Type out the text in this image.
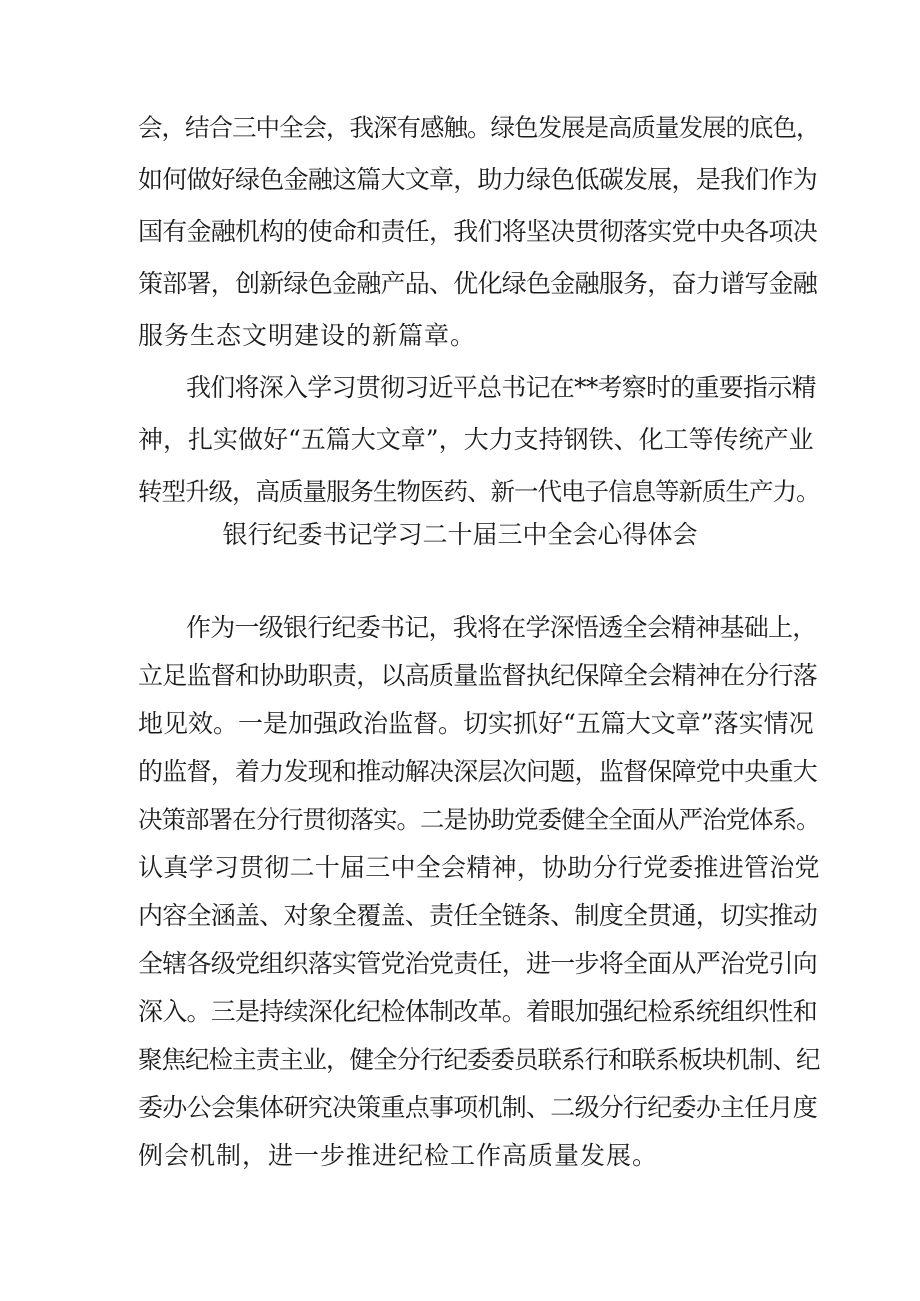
会，结合三中全会，我深有感触。绿色发展是高质量发展的底色，
如何做好绿色金融这篇大文章，助力绿色低碳发展，是我们作为
国有金融机构的使命和责任，我们将坚决贯彻落实党中央各项决
策部署，创新绿色金融产品、优化绿色金融服务，奋力谱写金融
服务生态文明建设的新篇章。
我们将深入学习贯彻习近平总书记在**考察时的重要指示精
神，扎实做好“五篇大文章”，大力支持钢铁、化工等传统产业
转型升级，高质量服务生物医药、新一代电子信息等新质生产力。
银行纪委书记学习二十届三中全会心得体会
作为一级银行纪委书记，我将在学深悟透全会精神基础上，
立足监督和协助职责，以高质量监督执纪保障全会精神在分行落
地见效。一是加强政治监督。切实抓好“五篇大文章”落实情况
的监督，着力发现和推动解决深层次问题，监督保障党中央重大
决策部署在分行贯彻落实。二是协助党委健全全面从严治党体系。
认真学习贯彻二十届三中全会精神，协助分行党委推进管治党
内容全涵盖、对象全覆盖、责任全链条、制度全贯通，切实推动
全辖各级党组织落实管党治党责任，进一步将全面从严治党引向
深入。三是持续深化纪检体制改革。着眼加强纪检系统组织性和
聚焦纪检主责主业，健全分行纪委委员联系行和联系板块机制、纪
委办公会集体研究决策重点事项机制、二级分行纪委办主任月度
例会机制，进一步推进纪检工作高质量发展。
